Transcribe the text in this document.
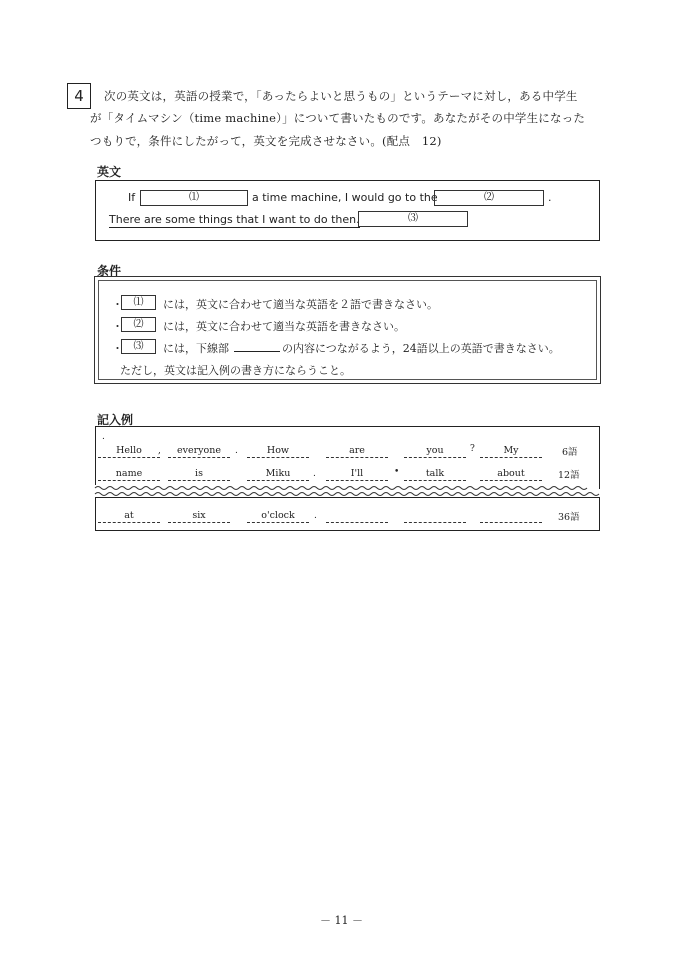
4	次の英文は，英語の授業で，「あったらよいと思うもの」というテーマに対し，ある中学生
が「タイムマシン（time machine）」について書いたものです。あなたがその中学生になった
つもりで，条件にしたがって，英文を完成させなさい。(配点　12)
英文
If	⑴	a time machine, I would go to the	⑵	.
There are some things that I want to do then.	⑶
条件
・	⑴	には，英文に合わせて適当な英語を２語で書きなさい。
・	⑵	には，英文に合わせて適当な英語を書きなさい。
・	⑶	には，下線部	の内容につながるよう，24語以上の英語で書きなさい。
ただし，英文は記入例の書き方にならうこと。
記入例
.
Hello	,	everyone	.	How	are	you	?	My	6語
name	is	Miku	.	I'll	•	talk	about	12語
at	six	o'clock	.	36語
－ 11 －
